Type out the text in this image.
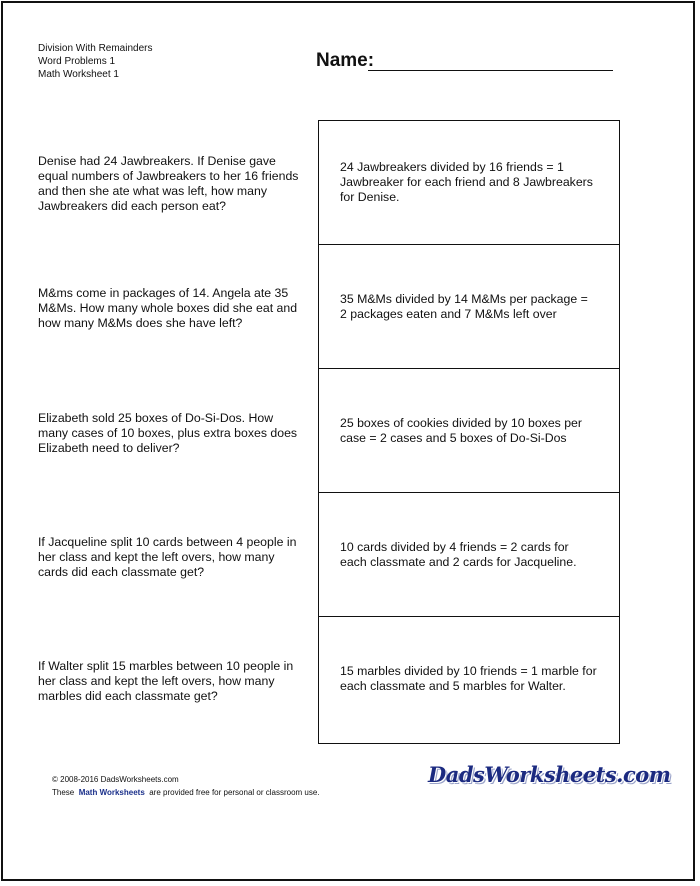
Division With Remainders
Word Problems 1
Math Worksheet 1
Name:
Denise had 24 Jawbreakers. If Denise gave equal numbers of Jawbreakers to her 16 friends and then she ate what was left, how many Jawbreakers did each person eat?
M&ms come in packages of 14. Angela ate 35 M&Ms. How many whole boxes did she eat and how many M&Ms does she have left?
Elizabeth sold 25 boxes of Do-Si-Dos. How many cases of 10 boxes, plus extra boxes does Elizabeth need to deliver?
If Jacqueline split 10 cards between 4 people in her class and kept the left overs, how many cards did each classmate get?
If Walter split 15 marbles between 10 people in her class and kept the left overs, how many marbles did each classmate get?
24 Jawbreakers divided by 16 friends = 1 Jawbreaker for each friend and 8 Jawbreakers for Denise.
35 M&Ms divided by 14 M&Ms per package = 2 packages eaten and 7 M&Ms left over
25 boxes of cookies divided by 10 boxes per case = 2 cases and 5 boxes of Do-Si-Dos
10 cards divided by 4 friends = 2 cards for each classmate and 2 cards for Jacqueline.
15 marbles divided by 10 friends = 1 marble for each classmate and 5 marbles for Walter.
© 2008-2016 DadsWorksheets.com
These Math Worksheets are provided free for personal or classroom use.
DadsWorksheets.com
